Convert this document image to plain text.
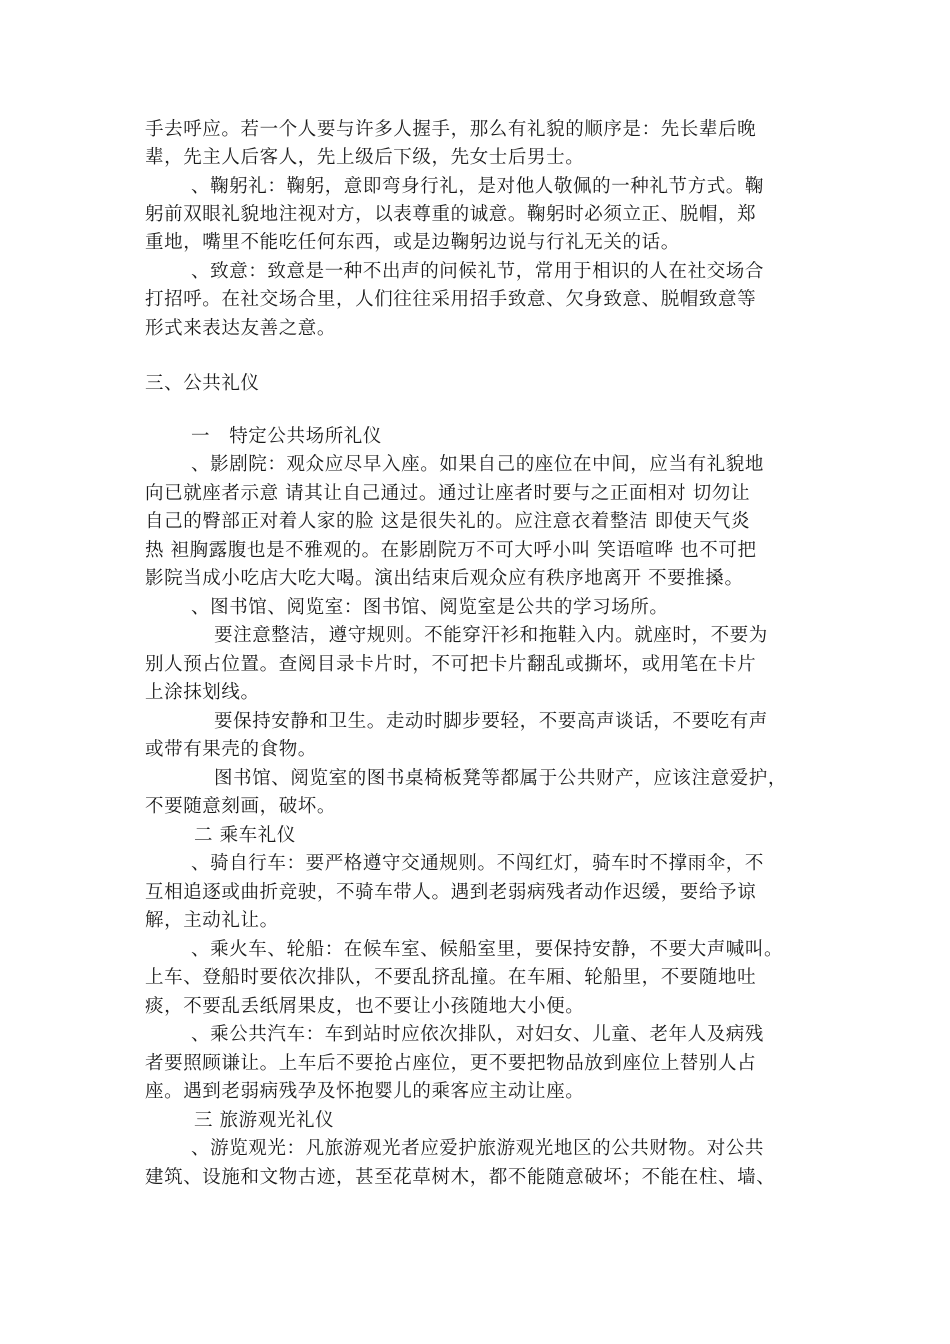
手去呼应。若一个人要与许多人握手，那么有礼貌的顺序是：先长辈后晚
辈，先主人后客人，先上级后下级，先女士后男士。
、鞠躬礼：鞠躬，意即弯身行礼，是对他人敬佩的一种礼节方式。鞠
躬前双眼礼貌地注视对方，以表尊重的诚意。鞠躬时必须立正、脱帽，郑
重地，嘴里不能吃任何东西，或是边鞠躬边说与行礼无关的话。
、致意：致意是一种不出声的问候礼节，常用于相识的人在社交场合
打招呼。在社交场合里，人们往往采用招手致意、欠身致意、脱帽致意等
形式来表达友善之意。
三、公共礼仪
一　特定公共场所礼仪
、影剧院：观众应尽早入座。如果自己的座位在中间，应当有礼貌地
向已就座者示意 请其让自己通过。通过让座者时要与之正面相对 切勿让
自己的臀部正对着人家的脸 这是很失礼的。应注意衣着整洁 即使天气炎
热 袒胸露腹也是不雅观的。在影剧院万不可大呼小叫 笑语喧哗 也不可把
影院当成小吃店大吃大喝。演出结束后观众应有秩序地离开 不要推搡。
、图书馆、阅览室：图书馆、阅览室是公共的学习场所。
要注意整洁，遵守规则。不能穿汗衫和拖鞋入内。就座时，不要为
别人预占位置。查阅目录卡片时，不可把卡片翻乱或撕坏，或用笔在卡片
上涂抹划线。
要保持安静和卫生。走动时脚步要轻，不要高声谈话，不要吃有声
或带有果壳的食物。
图书馆、阅览室的图书桌椅板凳等都属于公共财产，应该注意爱护，
不要随意刻画，破坏。
二 乘车礼仪
、骑自行车：要严格遵守交通规则。不闯红灯，骑车时不撑雨伞，不
互相追逐或曲折竞驶，不骑车带人。遇到老弱病残者动作迟缓，要给予谅
解，主动礼让。
、乘火车、轮船：在候车室、候船室里，要保持安静，不要大声喊叫。
上车、登船时要依次排队，不要乱挤乱撞。在车厢、轮船里，不要随地吐
痰，不要乱丢纸屑果皮，也不要让小孩随地大小便。
、乘公共汽车：车到站时应依次排队，对妇女、儿童、老年人及病残
者要照顾谦让。上车后不要抢占座位，更不要把物品放到座位上替别人占
座。遇到老弱病残孕及怀抱婴儿的乘客应主动让座。
三 旅游观光礼仪
、游览观光：凡旅游观光者应爱护旅游观光地区的公共财物。对公共
建筑、设施和文物古迹，甚至花草树木，都不能随意破坏；不能在柱、墙、
